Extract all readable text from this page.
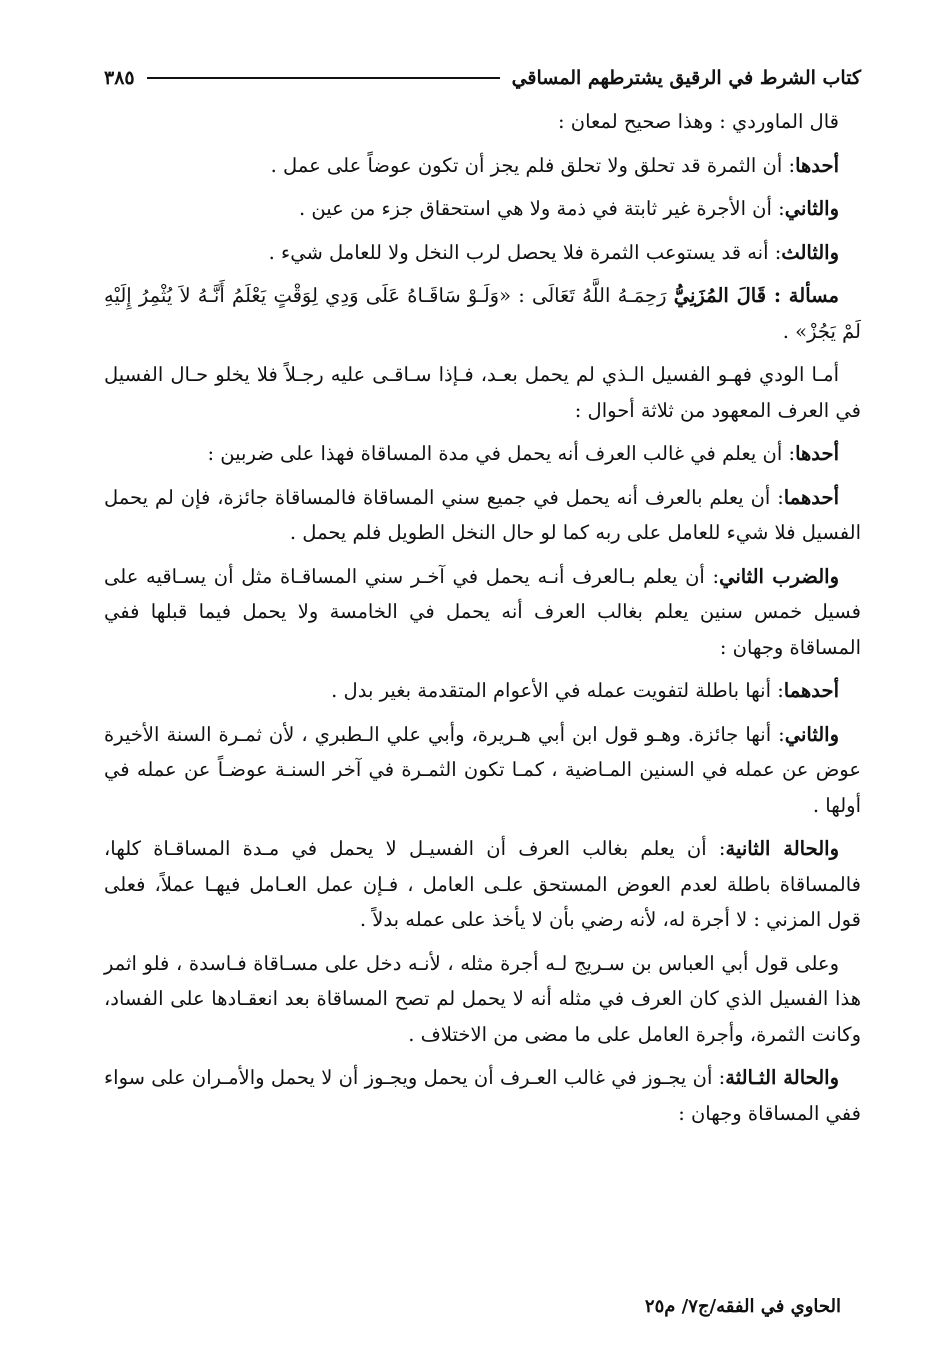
كتاب الشرط في الرقيق يشترطهم المساقي
٣٨٥

قال الماوردي : وهذا صحيح لمعان :

أحدها: أن الثمرة قد تحلق ولا تحلق فلم يجز أن تكون عوضاً على عمل .

والثاني: أن الأجرة غير ثابتة في ذمة ولا هي استحقاق جزء من عين .

والثالث: أنه قد يستوعب الثمرة فلا يحصل لرب النخل ولا للعامل شيء .

مسألة : قَالَ المُزَنِيُّ رَحِمَـهُ اللَّهُ تَعَالَى : «وَلَـوْ سَاقَـاهُ عَلَى وَدِي لِوَقْتٍ يَعْلَمُ أَنَّـهُ لاَ يُثْمِرُ إِلَيْهِ لَمْ يَجُزْ» .

أمـا الودي فهـو الفسيل الـذي لم يحمل بعـد، فـإذا سـاقـى عليه رجـلاً فلا يخلو حـال الفسيل في العرف المعهود من ثلاثة أحوال :

أحدها: أن يعلم في غالب العرف أنه يحمل في مدة المساقاة فهذا على ضربين :

أحدهما: أن يعلم بالعرف أنه يحمل في جميع سني المساقاة فالمساقاة جائزة، فإن لم يحمل الفسيل فلا شيء للعامل على ربه كما لو حال النخل الطويل فلم يحمل .

والضرب الثاني: أن يعلم بـالعرف أنـه يحمل في آخـر سني المساقـاة مثل أن يسـاقيه على فسيل خمس سنين يعلم بغالب العرف أنه يحمل في الخامسة ولا يحمل فيما قبلها ففي المساقاة وجهان :

أحدهما: أنها باطلة لتفويت عمله في الأعوام المتقدمة بغير بدل .

والثاني: أنها جائزة. وهـو قول ابن أبي هـريرة، وأبي علي الـطبري ، لأن ثمـرة السنة الأخيرة عوض عن عمله في السنين المـاضية ، كمـا تكون الثمـرة في آخر السنـة عوضـاً عن عمله في أولها .

والحالة الثانية: أن يعلم بغالب العرف أن الفسيـل لا يحمل في مـدة المساقـاة كلها، فالمساقاة باطلة لعدم العوض المستحق علـى العامل ، فـإن عمل العـامل فيهـا عملاً، فعلى قول المزني : لا أجرة له، لأنه رضي بأن لا يأخذ على عمله بدلاً .

وعلى قول أبي العباس بن سـريج لـه أجرة مثله ، لأنـه دخل على مسـاقاة فـاسدة ، فلو اثمر هذا الفسيل الذي كان العرف في مثله أنه لا يحمل لم تصح المساقاة بعد انعقـادها على الفساد، وكانت الثمرة، وأجرة العامل على ما مضى من الاختلاف .

والحالة الثـالثة: أن يجـوز في غالب العـرف أن يحمل ويجـوز أن لا يحمل والأمـران على سواء ففي المساقاة وجهان :

الحاوي في الفقه/ج٧/ م٢٥
